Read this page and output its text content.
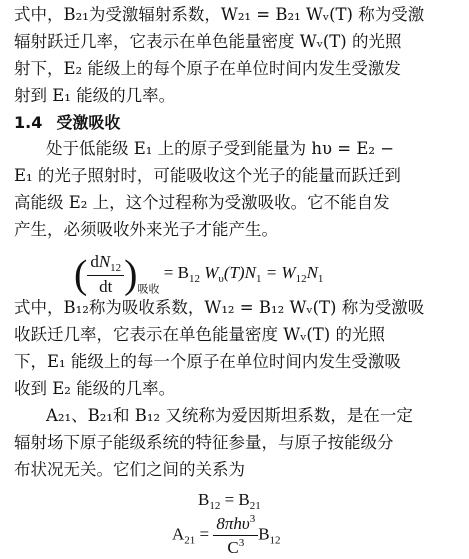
式中，B₂₁为受激辐射系数，W₂₁ = B₂₁ Wᵥ(T) 称为受激
辐射跃迁几率，它表示在单色能量密度 Wᵥ(T) 的光照
射下，E₂ 能级上的每个原子在单位时间内发生受激发
射到 E₁ 能级的几率。
1.4 受激吸收
处于低能级 E₁ 上的原子受到能量为 hυ = E₂ −
E₁ 的光子照射时，可能吸收这个光子的能量而跃迁到
高能级 E₂ 上，这个过程称为受激吸收。它不能自发
产生，必须吸收外来光子才能产生。
( $\frac{dN_{12}}{dt} )_{吸收} = B_{12}$ $W_\upsilon(T)N_1 = W_{12}N_1$
式中，B₁₂称为吸收系数，W₁₂ = B₁₂ Wᵥ(T) 称为受激吸
收跃迁几率，它表示在单色能量密度 Wᵥ(T) 的光照
下，E₁ 能级上的每一个原子在单位时间内发生受激吸
收到 E₂ 能级的几率。
A₂₁、B₂₁和 B₁₂ 又统称为爱因斯坦系数，是在一定
辐射场下原子能级系统的特征参量，与原子按能级分
布状况无关。它们之间的关系为
$B_{12} = B_{21}$
$A_{21} = \frac{8\pi h\upsilon^3}{C^3} B_{12}$
